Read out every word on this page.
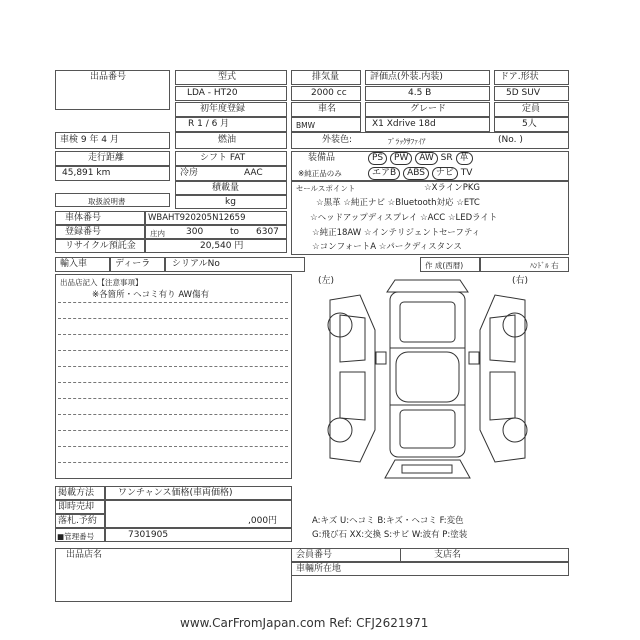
出品番号	型式
LDA - HT20
排気量
2000 cc
評価点(外装.内装)
4.5 B
ドア.形状
5D SUV
初年度登録
R 1 / 6 月
車名
BMW
グレード
X1 Xdrive 18d
定員
5人
車検 9 年 4 月	燃油	外装色:	ﾌﾞﾗｯｸｻﾌｧｲｱ	(No. )
走行距離
45,891 km
シフト FAT
冷房	AAC
装備品
※純正品のみ
PS PW AW SR 革
エアB ABS ナビ TV
積載量
kg
取扱説明書
セールスポイント	☆XラインPKG
☆黒革 ☆純正ナビ ☆Bluetooth対応 ☆ETC
☆ヘッドアップディスプレイ ☆ACC ☆LEDライト
☆純正18AW ☆インテリジェントセーフティ
☆コンフォートA ☆パークディスタンス
車体番号	WBAHT920205N12659
登録番号	庄内 300	to 6307
リサイクル預託金	20,540 円
輸入車	ディーラ シリアルNo	作 成(西暦)	ﾊﾝﾄﾞﾙ 右
出品店記入【注意事項】
※各箇所・ヘコミ有り AW傷有
(左)	(右)
A:キズ U:ヘコミ B:キズ・ヘコミ F:変色
G:飛び石 XX:交換 S:サビ W:波有 P:塗装
掲載方法	ワンチャンス価格(車両価格)
即時売却
落札.予約	,000円
■管理番号	7301905
出品店名	会員番号	支店名
車輛所在地
www.CarFromJapan.com Ref: CFJ2621971
